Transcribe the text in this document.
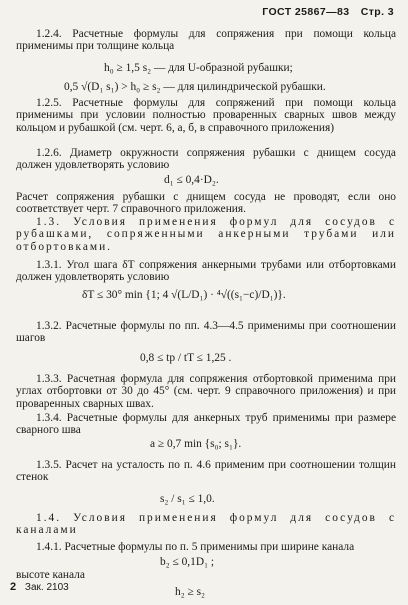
ГОСТ 25867—83 Стр. 3
1.2.4. Расчетные формулы для сопряжения при помощи кольца применимы при толщине кольца
h₀ ≥ 1,5 s₂ — для U-образной рубашки;
0,5 √(D₁ s₁) > h₀ ≥ s₂ — для цилиндрической рубашки.
1.2.5. Расчетные формулы для сопряжений при помощи кольца применимы при условии полностью проваренных сварных швов между кольцом и рубашкой (см. черт. 6, а, б, в справочного приложения)
1.2.6. Диаметр окружности сопряжения рубашки с днищем сосуда должен удовлетворять условию
d₁ ≤ 0,4·D₂.
Расчет сопряжения рубашки с днищем сосуда не проводят, если оно соответствует черт. 7 справочного приложения.
1.3. Условия применения формул для сосудов с рубашками, сопряженными анкерными трубами или отбортовками.
1.3.1. Угол шага δT сопряжения анкерными трубами или отбортовками должен удовлетворять условию
δT ≤ 30° min {1; 4 √(L/D₁) · ⁴√((s₁−c)/D₁)}.
1.3.2. Расчетные формулы по пп. 4.3—4.5 применимы при соотношении шагов
0,8 ≤ tp / tT ≤ 1,25 .
1.3.3. Расчетная формула для сопряжения отбортовкой применима при углах отбортовки от 30 до 45° (см. черт. 9 справочного приложения) и при проваренных сварных швах.
1.3.4. Расчетные формулы для анкерных труб применимы при размере сварного шва
a ≥ 0,7 min {s₀; s₁}.
1.3.5. Расчет на усталость по п. 4.6 применим при соотношении толщин стенок
s₂ / s₁ ≤ 1,0.
1.4. Условия применения формул для сосудов с каналами
1.4.1. Расчетные формулы по п. 5 применимы при ширине канала
b₂ ≤ 0,1D₁ ;
высоте канала
h₂ ≥ s₂
2 Зак. 2103
